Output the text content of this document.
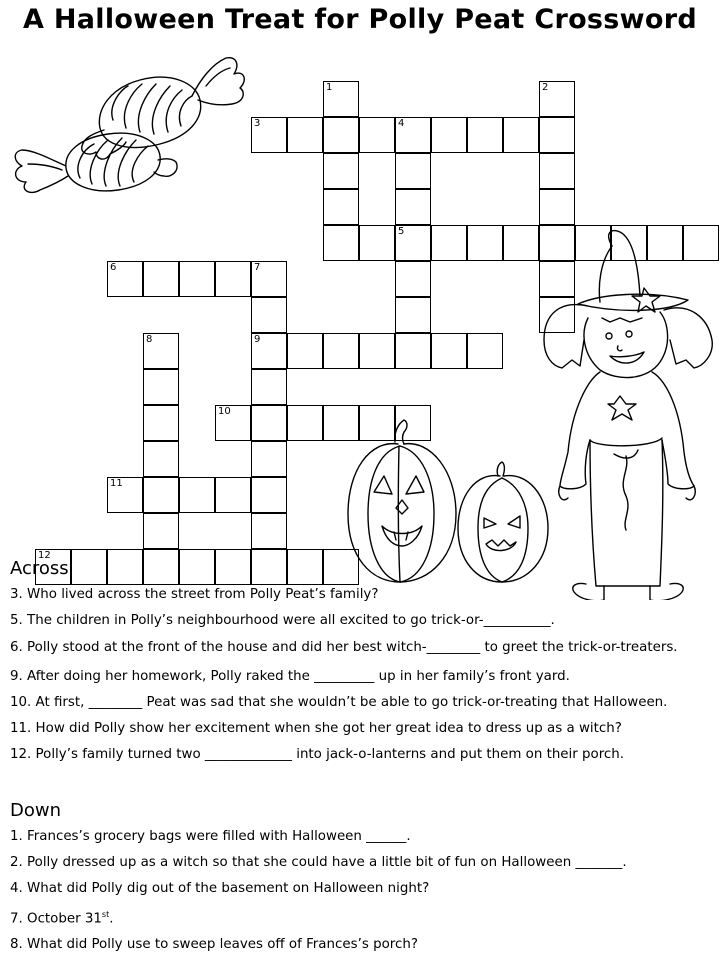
A Halloween Treat for Polly Peat Crossword
1	2
3	4
5
6	7
9
8
10
11
12
Across
3. Who lived across the street from Polly Peat’s family?
5. The children in Polly’s neighbourhood were all excited to go trick-or-__________.
6. Polly stood at the front of the house and did her best witch-________ to greet the trick-or-treaters.
9. After doing her homework, Polly raked the _________ up in her family’s front yard.
10. At first, ________ Peat was sad that she wouldn’t be able to go trick-or-treating that Halloween.
11. How did Polly show her excitement when she got her great idea to dress up as a witch?
12. Polly’s family turned two _____________ into jack-o-lanterns and put them on their porch.
Down
1. Frances’s grocery bags were filled with Halloween ______.
2. Polly dressed up as a witch so that she could have a little bit of fun on Halloween _______.
4. What did Polly dig out of the basement on Halloween night?
7. October 31st.
8. What did Polly use to sweep leaves off of Frances’s porch?
